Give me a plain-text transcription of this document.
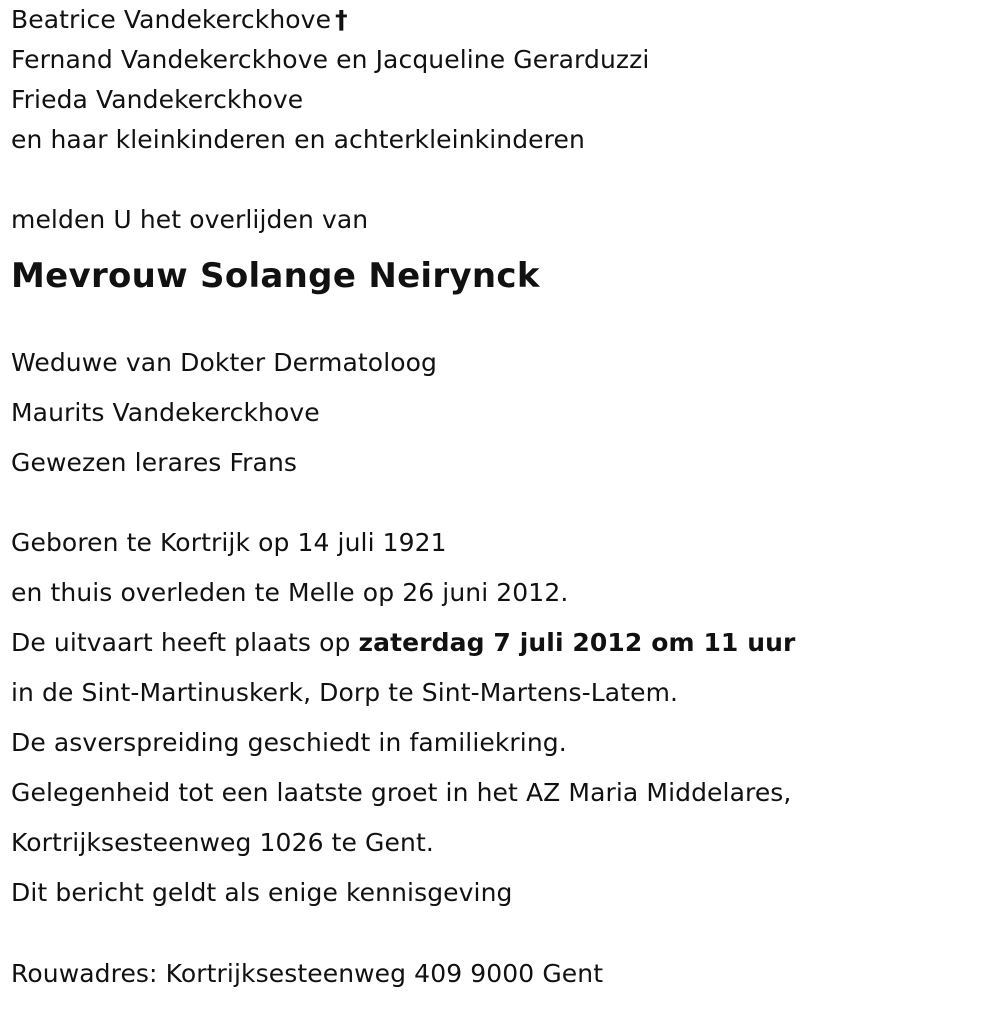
Beatrice Vandekerckhove †
Fernand Vandekerckhove en Jacqueline Gerarduzzi
Frieda Vandekerckhove
en haar kleinkinderen en achterkleinkinderen
melden U het overlijden van
Mevrouw Solange Neirynck
Weduwe van Dokter Dermatoloog
Maurits Vandekerckhove
Gewezen lerares Frans
Geboren te Kortrijk op 14 juli 1921
en thuis overleden te Melle op 26 juni 2012.
De uitvaart heeft plaats op zaterdag 7 juli 2012 om 11 uur
in de Sint-Martinuskerk, Dorp te Sint-Martens-Latem.
De asverspreiding geschiedt in familiekring.
Gelegenheid tot een laatste groet in het AZ Maria Middelares,
Kortrijksesteenweg 1026 te Gent.
Dit bericht geldt als enige kennisgeving
Rouwadres: Kortrijksesteenweg 409 9000 Gent
